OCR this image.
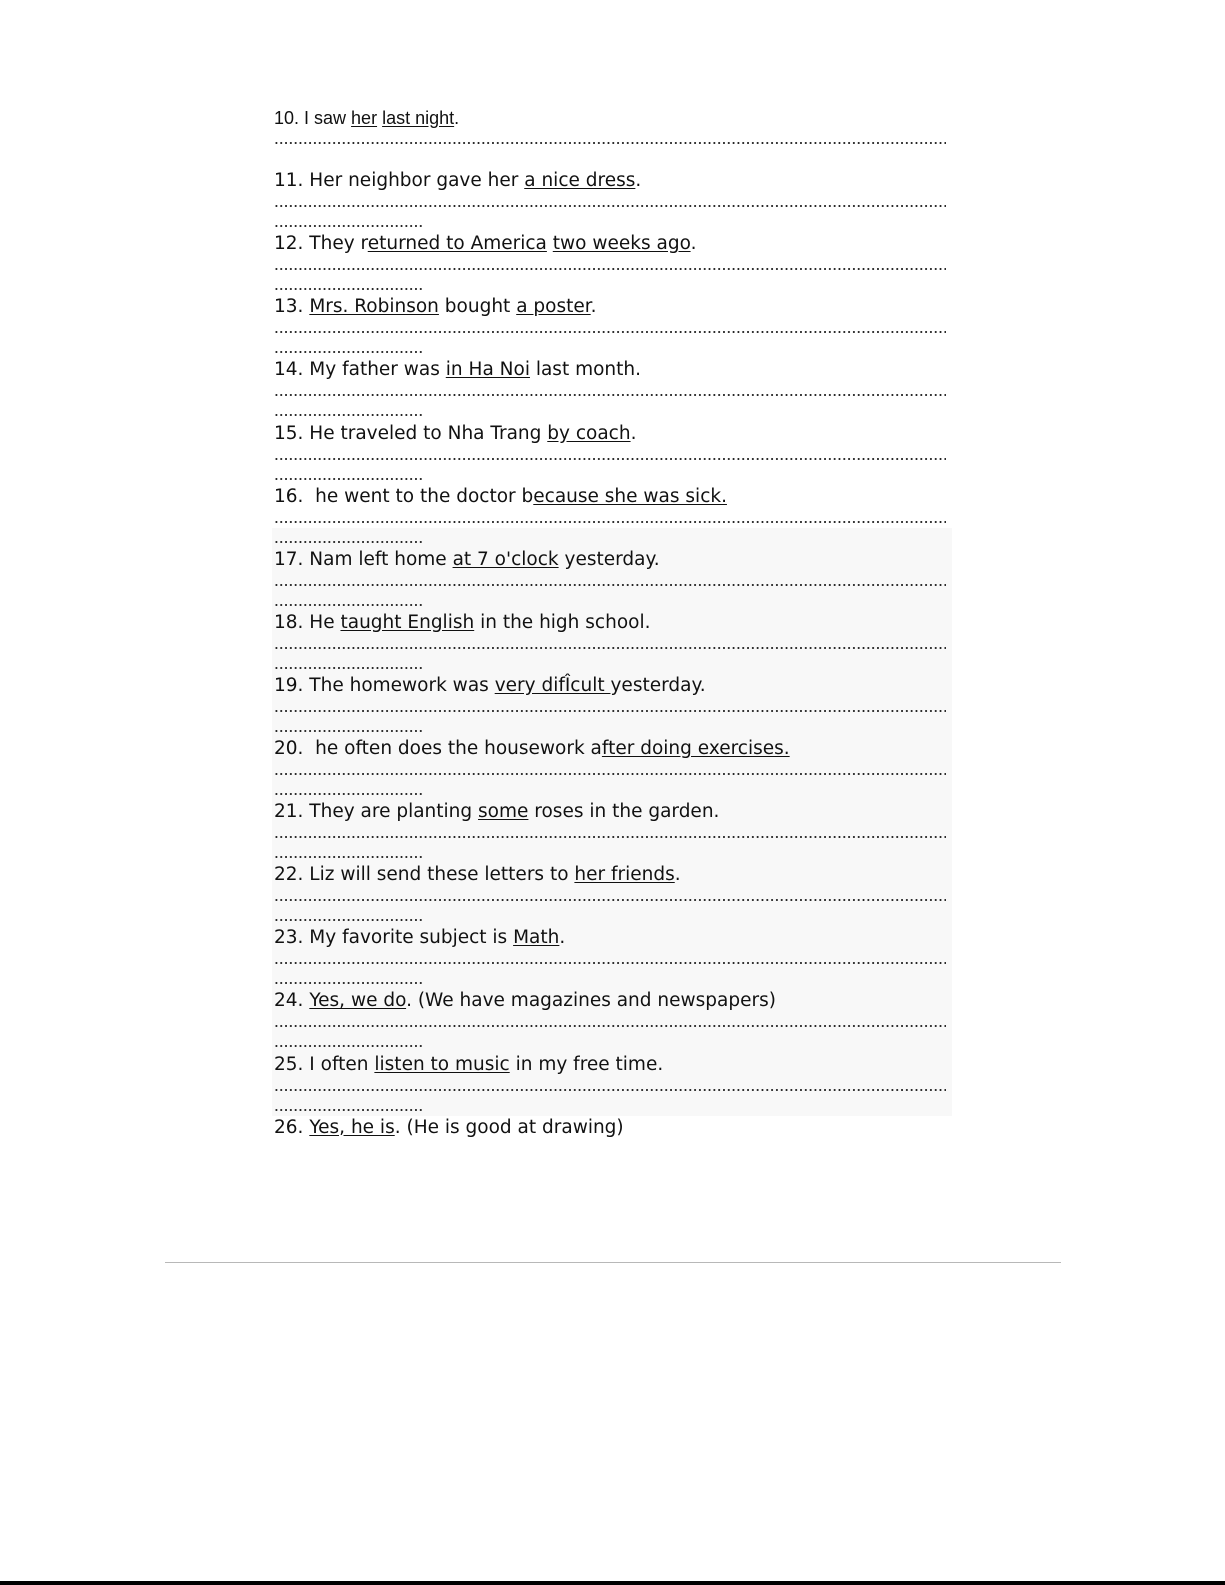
10. I saw her last night.
11. Her neighbor gave her a nice dress.
12. They returned to America two weeks ago.
13. Mrs. Robinson bought a poster.
14. My father was in Ha Noi last month.
15. He traveled to Nha Trang by coach.
16.  he went to the doctor because she was sick.
17. Nam left home at 7 o'clock yesterday.
18. He taught English in the high school.
19. The homework was very difÎcult yesterday.
20.  he often does the housework after doing exercises.
21. They are planting some roses in the garden.
22. Liz will send these letters to her friends.
23. My favorite subject is Math.
24. Yes, we do. (We have magazines and newspapers)
25. I often listen to music in my free time.
26. Yes, he is. (He is good at drawing)
